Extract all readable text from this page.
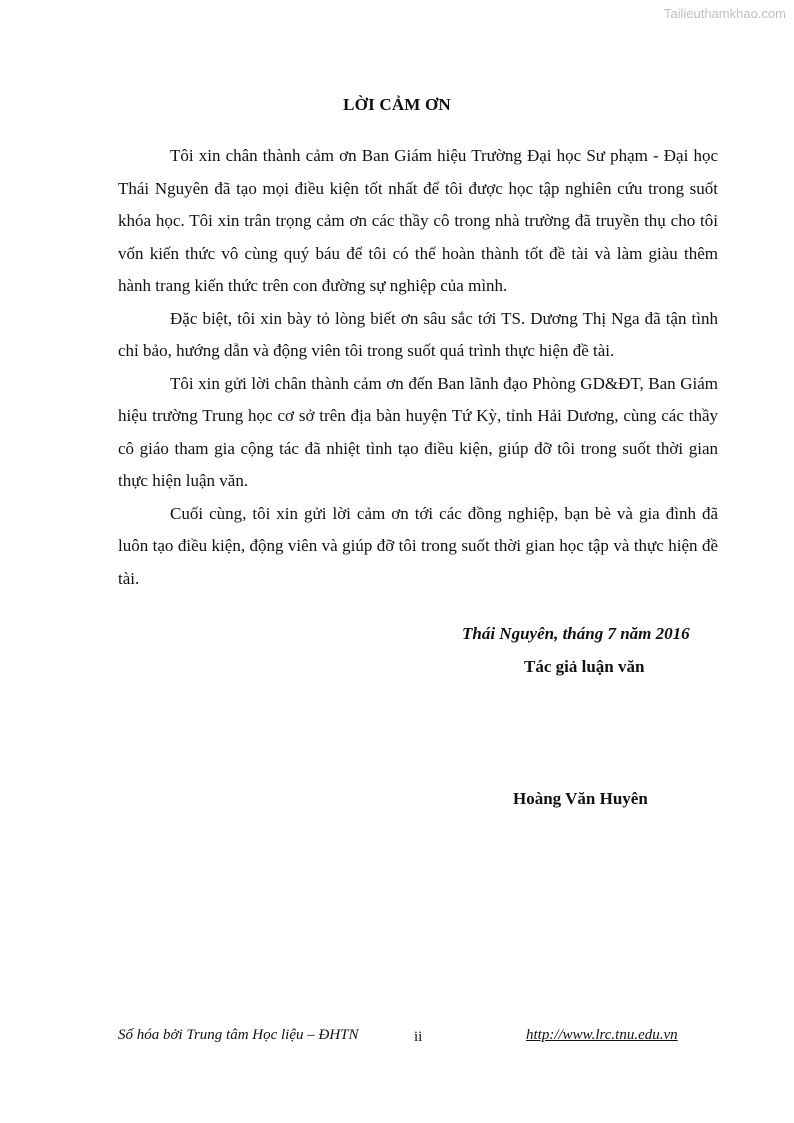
Tailieuthamkhao.com
LỜI CẢM ƠN

Tôi xin chân thành cảm ơn Ban Giám hiệu Trường Đại học Sư phạm - Đại học Thái Nguyên đã tạo mọi điều kiện tốt nhất để tôi được học tập nghiên cứu trong suốt khóa học. Tôi xin trân trọng cảm ơn các thầy cô trong nhà trường đã truyền thụ cho tôi vốn kiến thức vô cùng quý báu để tôi có thể hoàn thành tốt đề tài và làm giàu thêm hành trang kiến thức trên con đường sự nghiệp của mình.

Đặc biệt, tôi xin bày tỏ lòng biết ơn sâu sắc tới TS. Dương Thị Nga đã tận tình chỉ bảo, hướng dẫn và động viên tôi trong suốt quá trình thực hiện đề tài.

Tôi xin gửi lời chân thành cảm ơn đến Ban lãnh đạo Phòng GD&ĐT, Ban Giám hiệu trường Trung học cơ sở trên địa bàn huyện Tứ Kỳ, tỉnh Hải Dương, cùng các thầy cô giáo tham gia cộng tác đã nhiệt tình tạo điều kiện, giúp đỡ tôi trong suốt thời gian thực hiện luận văn.

Cuối cùng, tôi xin gửi lời cảm ơn tới các đồng nghiệp, bạn bè và gia đình đã luôn tạo điều kiện, động viên và giúp đỡ tôi trong suốt thời gian học tập và thực hiện đề tài.

Thái Nguyên, tháng 7 năm 2016
Tác giả luận văn
Hoàng Văn Huyên
Số hóa bởi Trung tâm Học liệu – ĐHTN	ii	http://www.lrc.tnu.edu.vn
